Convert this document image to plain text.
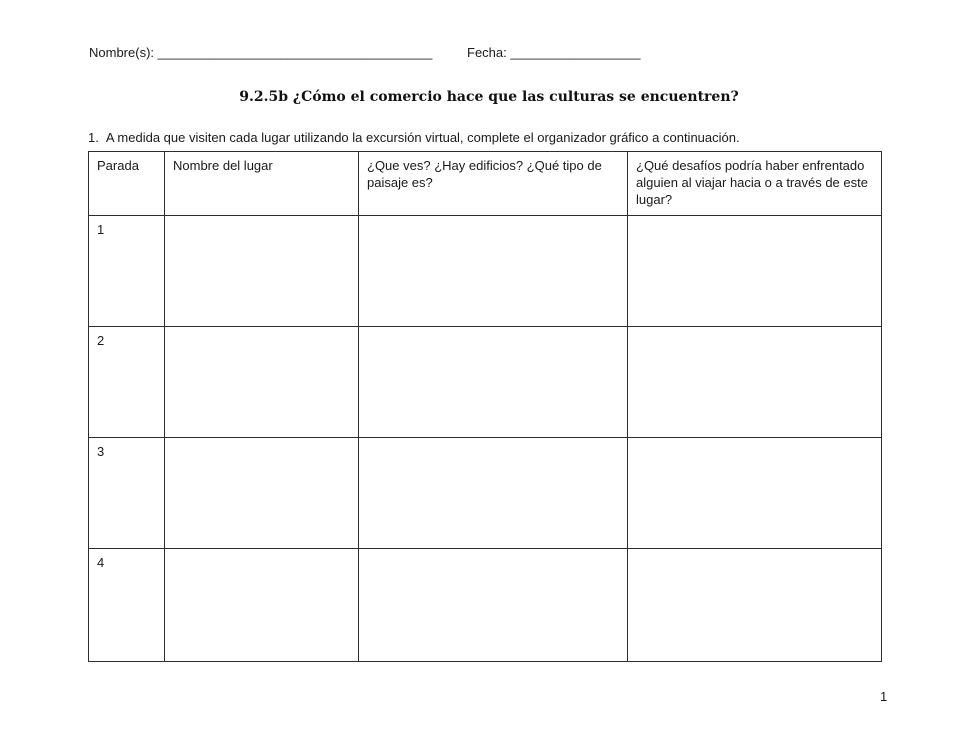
Nombre(s): ______________________________________	Fecha: __________________
9.2.5b ¿Cómo el comercio hace que las culturas se encuentren?
1. A medida que visiten cada lugar utilizando la excursión virtual, complete el organizador gráfico a continuación.
Parada	Nombre del lugar	¿Que ves? ¿Hay edificios? ¿Qué tipo de paisaje es?	¿Qué desafíos podría haber enfrentado alguien al viajar hacia o a través de este lugar?
1			
2			
3			
4			
1
